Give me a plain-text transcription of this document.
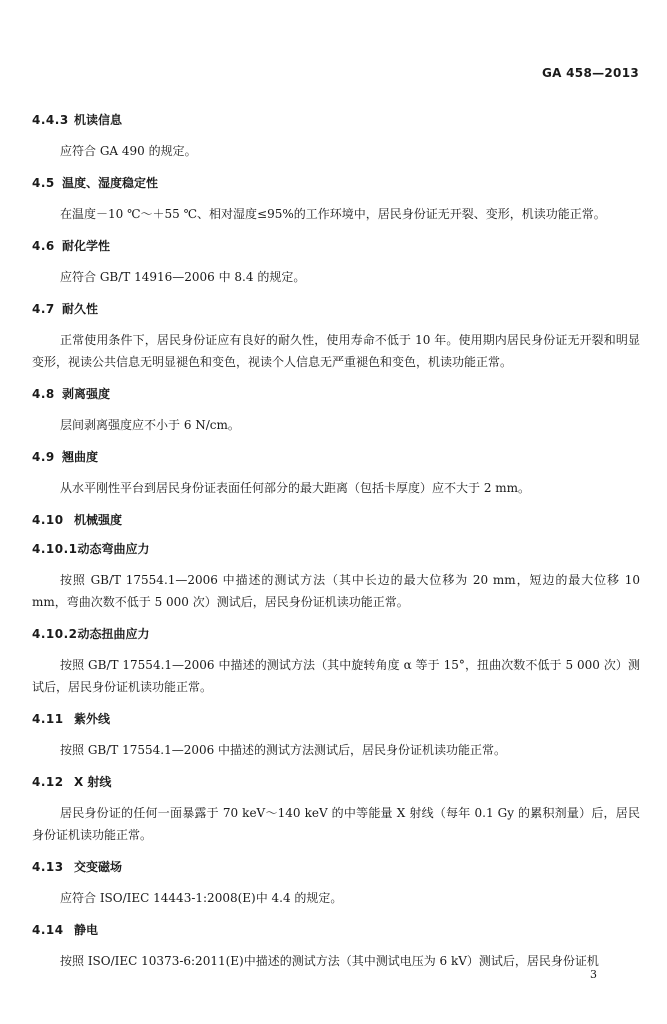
GA 458—2013
4.4.3 机读信息

应符合 GA 490 的规定。

4.5 温度、湿度稳定性

在温度－10 ℃～＋55 ℃、相对湿度≤95%的工作环境中，居民身份证无开裂、变形，机读功能正常。

4.6 耐化学性

应符合 GB/T 14916—2006 中 8.4 的规定。

4.7 耐久性

正常使用条件下，居民身份证应有良好的耐久性，使用寿命不低于 10 年。使用期内居民身份证无开裂和明显变形，视读公共信息无明显褪色和变色，视读个人信息无严重褪色和变色，机读功能正常。

4.8 剥离强度

层间剥离强度应不小于 6 N/cm。

4.9 翘曲度

从水平刚性平台到居民身份证表面任何部分的最大距离（包括卡厚度）应不大于 2 mm。

4.10 机械强度
4.10.1动态弯曲应力

按照 GB/T 17554.1—2006 中描述的测试方法（其中长边的最大位移为 20 mm，短边的最大位移 10 mm，弯曲次数不低于 5 000 次）测试后，居民身份证机读功能正常。

4.10.2动态扭曲应力

按照 GB/T 17554.1—2006 中描述的测试方法（其中旋转角度 α 等于 15°，扭曲次数不低于 5 000 次）测试后，居民身份证机读功能正常。

4.11 紫外线

按照 GB/T 17554.1—2006 中描述的测试方法测试后，居民身份证机读功能正常。

4.12 X 射线

居民身份证的任何一面暴露于 70 keV～140 keV 的中等能量 X 射线（每年 0.1 Gy 的累积剂量）后，居民身份证机读功能正常。

4.13 交变磁场

应符合 ISO/IEC 14443-1:2008(E)中 4.4 的规定。

4.14 静电

按照 ISO/IEC 10373-6:2011(E)中描述的测试方法（其中测试电压为 6 kV）测试后，居民身份证机

3
